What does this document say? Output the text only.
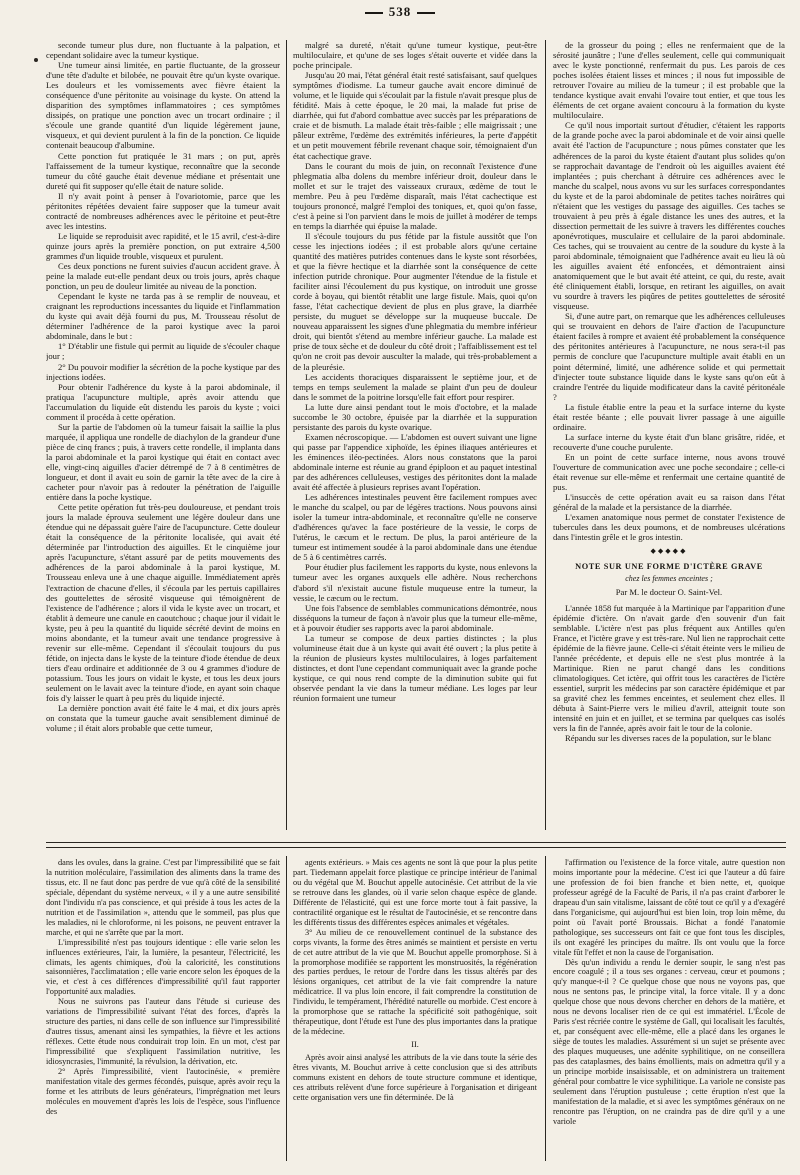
538

seconde tumeur plus dure, non fluctuante à la palpation, et cependant solidaire avec la tumeur kystique.

Une tumeur ainsi limitée, en partie fluctuante, de la grosseur d'une tête d'adulte et bilobée, ne pouvait être qu'un kyste ovarique. Les douleurs et les vomissements avec fièvre étaient la conséquence d'une péritonite au voisinage du kyste. On attend la disparition des symptômes inflammatoires ; ces symptômes dissipés, on pratique une ponction avec un trocart ordinaire ; il s'écoule une grande quantité d'un liquide légèrement jaune, visqueux, et qui devient purulent à la fin de la ponction. Ce liquide contenait beaucoup d'albumine.

Cette ponction fut pratiquée le 31 mars ; on put, après l'affaissement de la tumeur kystique, reconnaître que la seconde tumeur du côté gauche était devenue médiane et présentait une dureté qui fit supposer qu'elle était de nature solide.

Il n'y avait point à penser à l'ovariotomie, parce que les péritonites répétées devaient faire supposer que la tumeur avait contracté de nombreuses adhérences avec le péritoine et peut-être avec les intestins.

Le liquide se reproduisit avec rapidité, et le 15 avril, c'est-à-dire quinze jours après la première ponction, on put extraire 4,500 grammes d'un liquide trouble, visqueux et purulent.

Ces deux ponctions ne furent suivies d'aucun accident grave. À peine la malade eut-elle pendant deux ou trois jours, après chaque ponction, un peu de douleur limitée au niveau de la ponction.

Cependant le kyste ne tarda pas à se remplir de nouveau, et craignant les reproductions incessantes du liquide et l'inflammation du kyste qui avait déjà fourni du pus, M. Trousseau résolut de déterminer l'adhérence de la paroi kystique avec la paroi abdominale, dans le but :

1° D'établir une fistule qui permit au liquide de s'écouler chaque jour ;

2° Du pouvoir modifier la sécrétion de la poche kystique par des injections iodées.

Pour obtenir l'adhérence du kyste à la paroi abdominale, il pratiqua l'acupuncture multiple, après avoir attendu que l'accumulation du liquide eût distendu les parois du kyste ; voici comment il procéda à cette opération.

Sur la partie de l'abdomen où la tumeur faisait la saillie la plus marquée, il appliqua une rondelle de diachylon de la grandeur d'une pièce de cinq francs ; puis, à travers cette rondelle, il implanta dans la paroi abdominale et la paroi kystique qui était en contact avec elle, vingt-cinq aiguilles d'acier détrempé de 7 à 8 centimètres de longueur, et dont il avait eu soin de garnir la tête avec de la cire à cacheter pour n'avoir pas à redouter la pénétration de l'aiguille entière dans la poche kystique.

Cette petite opération fut très-peu douloureuse, et pendant trois jours la malade éprouva seulement une légère douleur dans une étendue qui ne dépassait guère l'aire de l'acupuncture. Cette douleur était la conséquence de la péritonite localisée, qui avait été déterminée par l'introduction des aiguilles. Et le cinquième jour après l'acupuncture, s'étant assuré par de petits mouvements des adhérences de la paroi abdominale à la paroi kystique, M. Trousseau enleva une à une chaque aiguille. Immédiatement après l'extraction de chacune d'elles, il s'écoula par les pertuis capillaires des gouttelettes de sérosité visqueuse qui témoignèrent de l'existence de l'adhérence ; alors il vida le kyste avec un trocart, et établit à demeure une canule en caoutchouc ; chaque jour il vidait le kyste, peu à peu la quantité du liquide sécrété devint de moins en moins abondante, et la tumeur avait une tendance progressive à revenir sur elle-même. Cependant il s'écoulait toujours du pus fétide, on injecta dans le kyste de la teinture d'iode étendue de deux tiers d'eau ordinaire et additionnée de 3 ou 4 grammes d'iodure de potassium. Tous les jours on vidait le kyste, et tous les deux jours seulement on le lavait avec la teinture d'iode, en ayant soin chaque fois d'y laisser le quart à peu près du liquide injecté.

La dernière ponction avait été faite le 4 mai, et dix jours après on constata que la tumeur gauche avait sensiblement diminué de volume ; il était alors probable que cette tumeur,

malgré sa dureté, n'était qu'une tumeur kystique, peut-être multiloculaire, et qu'une de ses loges s'était ouverte et vidée dans la poche principale.

Jusqu'au 20 mai, l'état général était resté satisfaisant, sauf quelques symptômes d'iodisme. La tumeur gauche avait encore diminué de volume, et le liquide qui s'écoulait par la fistule n'avait presque plus de fétidité. Mais à cette époque, le 20 mai, la malade fut prise de diarrhée, qui fut d'abord combattue avec succès par les préparations de craie et de bismuth. La malade était très-faible ; elle maigrissait ; une pâleur extrême, l'œdème des extrémités inférieures, la perte d'appétit et un petit mouvement fébrile revenant chaque soir, témoignaient d'un état cachectique grave.

Dans le courant du mois de juin, on reconnaît l'existence d'une phlegmatia alba dolens du membre inférieur droit, douleur dans le mollet et sur le trajet des vaisseaux cruraux, œdème de tout le membre. Peu à peu l'œdème disparaît, mais l'état cachectique est toujours prononcé, malgré l'emploi des toniques, et, quoi qu'on fasse, c'est à peine si l'on parvient dans le mois de juillet à modérer de temps en temps la diarrhée qui épuise la malade.

Il s'écoule toujours du pus fétide par la fistule aussitôt que l'on cesse les injections iodées ; il est probable alors qu'une certaine quantité des matières putrides contenues dans le kyste sont résorbées, et que la fièvre hectique et la diarrhée sont la conséquence de cette infection putride chronique. Pour augmenter l'étendue de la fistule et faciliter ainsi l'écoulement du pus kystique, on introduit une grosse corde à boyau, qui bientôt rétablit une large fistule. Mais, quoi qu'on fasse, l'état cachectique devient de plus en plus grave, la diarrhée persiste, du muguet se développe sur la muqueuse buccale. De nouveau apparaissent les signes d'une phlegmatia du membre inférieur droit, qui bientôt s'étend au membre inférieur gauche. La malade est prise de toux sèche et de douleur du côté droit ; l'affaiblissement est tel qu'on ne croit pas devoir ausculter la malade, qui très-probablement a de la pleurésie.

Les accidents thoraciques disparaissent le septième jour, et de temps en temps seulement la malade se plaint d'un peu de douleur dans le sommet de la poitrine lorsqu'elle fait effort pour respirer.

La lutte dure ainsi pendant tout le mois d'octobre, et la malade succombe le 30 octobre, épuisée par la diarrhée et la suppuration persistante des parois du kyste ovarique.

Examen nécroscopique. — L'abdomen est ouvert suivant une ligne qui passe par l'appendice xiphoïde, les épines iliaques antérieures et les éminences iléo-pectinées. Alors nous constatons que la paroi abdominale interne est réunie au grand épiploon et au paquet intestinal par des adhérences celluleuses, vestiges des péritonites dont la malade avait été affectée à plusieurs reprises avant l'opération.

Les adhérences intestinales peuvent être facilement rompues avec le manche du scalpel, ou par de légères tractions. Nous pouvons ainsi isoler la tumeur intra-abdominale, et reconnaître qu'elle ne conserve d'adhérences qu'avec la face postérieure de la vessie, le corps de l'utérus, le cæcum et le rectum. De plus, la paroi antérieure de la tumeur est intimement soudée à la paroi abdominale dans une étendue de 5 à 6 centimètres carrés.

Pour étudier plus facilement les rapports du kyste, nous enlevons la tumeur avec les organes auxquels elle adhère. Nous recherchons d'abord s'il n'existait aucune fistule muqueuse entre la tumeur, la vessie, le cæcum ou le rectum.

Une fois l'absence de semblables communications démontrée, nous disséquons la tumeur de façon à n'avoir plus que la tumeur elle-même, et à pouvoir étudier ses rapports avec la paroi abdominale.

La tumeur se compose de deux parties distinctes ; la plus volumineuse était due à un kyste qui avait été ouvert ; la plus petite à la réunion de plusieurs kystes multiloculaires, à loges parfaitement distinctes, et dont l'une cependant communiquait avec la grande poche kystique, ce qui nous rend compte de la diminution subite qui fut observée pendant la vie dans la tumeur médiane. Les loges par leur réunion formaient une tumeur

de la grosseur du poing ; elles ne renfermaient que de la sérosité jaunâtre ; l'une d'elles seulement, celle qui communiquait avec le kyste ponctionné, renfermait du pus. Les parois de ces poches isolées étaient lisses et minces ; il nous fut impossible de retrouver l'ovaire au milieu de la tumeur ; il est probable que la tendance kystique avait envahi l'ovaire tout entier, et que tous les éléments de cet organe avaient concouru à la formation du kyste multiloculaire.

Ce qu'il nous importait surtout d'étudier, c'étaient les rapports de la grande poche avec la paroi abdominale et de voir ainsi quelle avait été l'action de l'acupuncture ; nous pûmes constater que les adhérences de la paroi du kyste étaient d'autant plus solides qu'on se rapprochait davantage de l'endroit où les aiguilles avaient été implantées ; puis cherchant à détruire ces adhérences avec le manche du scalpel, nous avons vu sur les surfaces correspondantes du kyste et de la paroi abdominale de petites taches noirâtres qui n'étaient que les vestiges du passage des aiguilles. Ces taches se trouvaient à peu près à égale distance les unes des autres, et la dissection permettait de les suivre à travers les différentes couches aponévrotiques, musculaire et cellulaire de la paroi abdominale. Ces taches, qui se trouvaient au centre de la soudure du kyste à la paroi abdominale, témoignaient que l'adhérence avait eu lieu là où les aiguilles avaient été enfoncées, et démontraient ainsi anatomiquement que le but avait été atteint, ce qui, du reste, avait été cliniquement établi, lorsque, en retirant les aiguilles, on avait vu sourdre à travers les piqûres de petites gouttelettes de sérosité visqueuse.

Si, d'une autre part, on remarque que les adhérences celluleuses qui se trouvaient en dehors de l'aire d'action de l'acupuncture étaient faciles à rompre et avaient été probablement la conséquence des péritonites antérieures à l'acupuncture, ne nous sera-t-il pas permis de conclure que l'acupuncture multiple avait établi en un point déterminé, limité, une adhérence solide et qui permettait d'injecter toute substance liquide dans le kyste sans qu'on eût à craindre l'entrée du liquide modificateur dans la cavité péritonéale ?

La fistule établie entre la peau et la surface interne du kyste était restée béante ; elle pouvait livrer passage à une aiguille ordinaire.

La surface interne du kyste était d'un blanc grisâtre, ridée, et recouverte d'une couche purulente.

En un point de cette surface interne, nous avons trouvé l'ouverture de communication avec une poche secondaire ; celle-ci était revenue sur elle-même et renfermait une certaine quantité de pus.

L'insuccès de cette opération avait eu sa raison dans l'état général de la malade et la persistance de la diarrhée.

L'examen anatomique nous permet de constater l'existence de tubercules dans les deux poumons, et de nombreuses ulcérations dans l'intestin grêle et le gros intestin.

◆◆◆◆◆

NOTE SUR UNE FORME D'ICTÈRE GRAVE

chez les femmes enceintes ;

Par M. le docteur O. Saint-Vel.

L'année 1858 fut marquée à la Martinique par l'apparition d'une épidémie d'ictère. On n'avait garde d'en souvenir d'un fait semblable. L'ictère n'est pas plus fréquent aux Antilles qu'en France, et l'ictère grave y est très-rare. Nul lien ne rapprochait cette épidémie de la fièvre jaune. Celle-ci s'était éteinte vers le milieu de l'année précédente, et depuis elle ne s'est plus montrée à la Martinique. Rien ne parut changé dans les conditions climatologiques. Cet ictère, qui offrit tous les caractères de l'ictère essentiel, surprit les médecins par son caractère épidémique et par sa gravité chez les femmes enceintes, et seulement chez elles. Il débuta à Saint-Pierre vers le milieu d'avril, atteignit toute son intensité en juin et en juillet, et se termina par quelques cas isolés vers la fin de l'année, après avoir fait le tour de la colonie.

Répandu sur les diverses races de la population, sur le blanc

dans les ovules, dans la graine. C'est par l'impressibilité que se fait la nutrition moléculaire, l'assimilation des aliments dans la trame des tissus, etc. Il ne faut donc pas perdre de vue qu'à côté de la sensibilité spéciale, dépendant du système nerveux, « il y a une autre sensibilité dont l'individu n'a pas conscience, et qui préside à tous les actes de la nutrition et de l'assimilation », attendu que le sommeil, pas plus que les maladies, ni le chloroforme, ni les poisons, ne peuvent entraver la marche, et qui ne s'arrête que par la mort.

L'impressibilité n'est pas toujours identique : elle varie selon les influences extérieures, l'air, la lumière, la pesanteur, l'électricité, les climats, les agents chimiques, d'où la caloricité, les constitutions saisonnières, l'acclimatation ; elle varie encore selon les époques de la vie, et c'est à ces différences d'impressibilité qu'il faut rapporter l'opportunité aux maladies.

Nous ne suivrons pas l'auteur dans l'étude si curieuse des variations de l'impressibilité suivant l'état des forces, d'après la structure des parties, ni dans celle de son influence sur l'impressibilité d'autres tissus, amenant ainsi les sympathies, la fièvre et les actions réflexes. Cette étude nous conduirait trop loin. En un mot, c'est par l'impressibilité que s'expliquent l'assimilation nutritive, les idiosyncrasies, l'immunité, la révulsion, la dérivation, etc.

2° Après l'impressibilité, vient l'autocinésie, « première manifestation vitale des germes fécondés, puisque, après avoir reçu la forme et les attributs de leurs générateurs, l'imprégnation met leurs molécules en mouvement d'après les lois de l'espèce, sous l'influence des

agents extérieurs. » Mais ces agents ne sont là que pour la plus petite part. Tiedemann appelait force plastique ce principe intérieur de l'animal ou du végétal que M. Bouchut appelle autocinésie. Cet attribut de la vie se retrouve dans les glandes, où il varie selon chaque espèce de glande. Différente de l'élasticité, qui est une force morte tout à fait passive, la contractilité organique est le résultat de l'autocinésie, et se rencontre dans les différents tissus des différentes espèces animales et végétales.

3° Au milieu de ce renouvellement continuel de la substance des corps vivants, la forme des êtres animés se maintient et persiste en vertu de cet autre attribut de la vie que M. Bouchut appelle promorphose. Si à la promorphose modifiée se rapportent les monstruosités, la régénération des parties perdues, le retour de l'ordre dans les tissus altérés par des lésions organiques, cet attribut de la vie fait comprendre la nature médicatrice. Il va plus loin encore, il fait comprendre la constitution de l'individu, le tempérament, l'hérédité naturelle ou morbide. C'est encore à la promorphose que se rattache la spécificité soit pathogénique, soit thérapeutique, dont l'étude est l'une des plus importantes dans la pratique de la médecine.

II.

Après avoir ainsi analysé les attributs de la vie dans toute la série des êtres vivants, M. Bouchut arrive à cette conclusion que si des attributs communs existent en dehors de toute structure commune et identique, ces attributs relèvent d'une force supérieure à l'organisation et dirigeant cette organisation vers une fin déterminée. De là

l'affirmation ou l'existence de la force vitale, autre question non moins importante pour la médecine. C'est ici que l'auteur a dû faire une profession de foi bien franche et bien nette, et, quoique professeur agrégé de la Faculté de Paris, il n'a pas craint d'arborer le drapeau d'un sain vitalisme, laissant de côté tout ce qu'il y a d'exagéré dans l'organicisme, qui aujourd'hui est bien loin, trop loin même, du point où l'avait porté Broussais. Bichat a fondé l'anatomie pathologique, ses successeurs ont fait ce que font tous les disciples, ils ont exagéré les principes du maître. Ils ont voulu que la force vitale fût l'effet et non la cause de l'organisation.

Dès qu'un individu a rendu le dernier soupir, le sang n'est pas encore coagulé ; il a tous ses organes : cerveau, cœur et poumons ; qu'y manque-t-il ? Ce quelque chose que nous ne voyons pas, que nous ne sentons pas, le principe vital, la force vitale. Il y a donc quelque chose que nous devons chercher en dehors de la matière, et nous ne devons localiser rien de ce qui est immatériel. L'École de Paris s'est récriée contre le système de Gall, qui localisait les facultés, et, par conséquent avec elle-même, elle a placé dans les organes le siège de toutes les maladies. Assurément si un sujet se présente avec des plaques muqueuses, une adénite syphilitique, on ne conseillera pas des cataplasmes, des bains émollients, mais on admettra qu'il y a un principe morbide insaisissable, et on administrera un traitement général pour combattre le vice syphilitique. La variole ne consiste pas seulement dans l'éruption pustuleuse ; cette éruption n'est que la manifestation de la maladie, et si avec les symptômes généraux on ne rencontre pas l'éruption, on ne craindra pas de dire qu'il y a une variole
